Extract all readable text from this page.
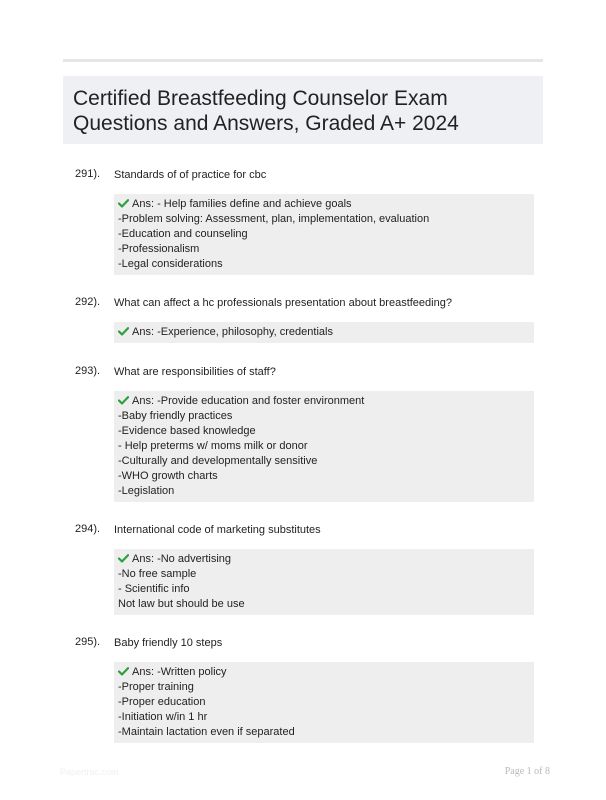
Certified Breastfeeding Counselor Exam
Questions and Answers, Graded A+ 2024
291). Standards of of practice for cbc
Ans: - Help families define and achieve goals
-Problem solving: Assessment, plan, implementation, evaluation
-Education and counseling
-Professionalism
-Legal considerations
292). What can affect a hc professionals presentation about breastfeeding?
Ans: -Experience, philosophy, credentials
293). What are responsibilities of staff?
Ans: -Provide education and foster environment
-Baby friendly practices
-Evidence based knowledge
- Help preterms w/ moms milk or donor
-Culturally and developmentally sensitive
-WHO growth charts
-Legislation
294). International code of marketing substitutes
Ans: -No advertising
-No free sample
- Scientific info
Not law but should be use
295). Baby friendly 10 steps
Ans: -Written policy
-Proper training
-Proper education
-Initiation w/in 1 hr
-Maintain lactation even if separated
Papertrac.com	Page 1 of 8
